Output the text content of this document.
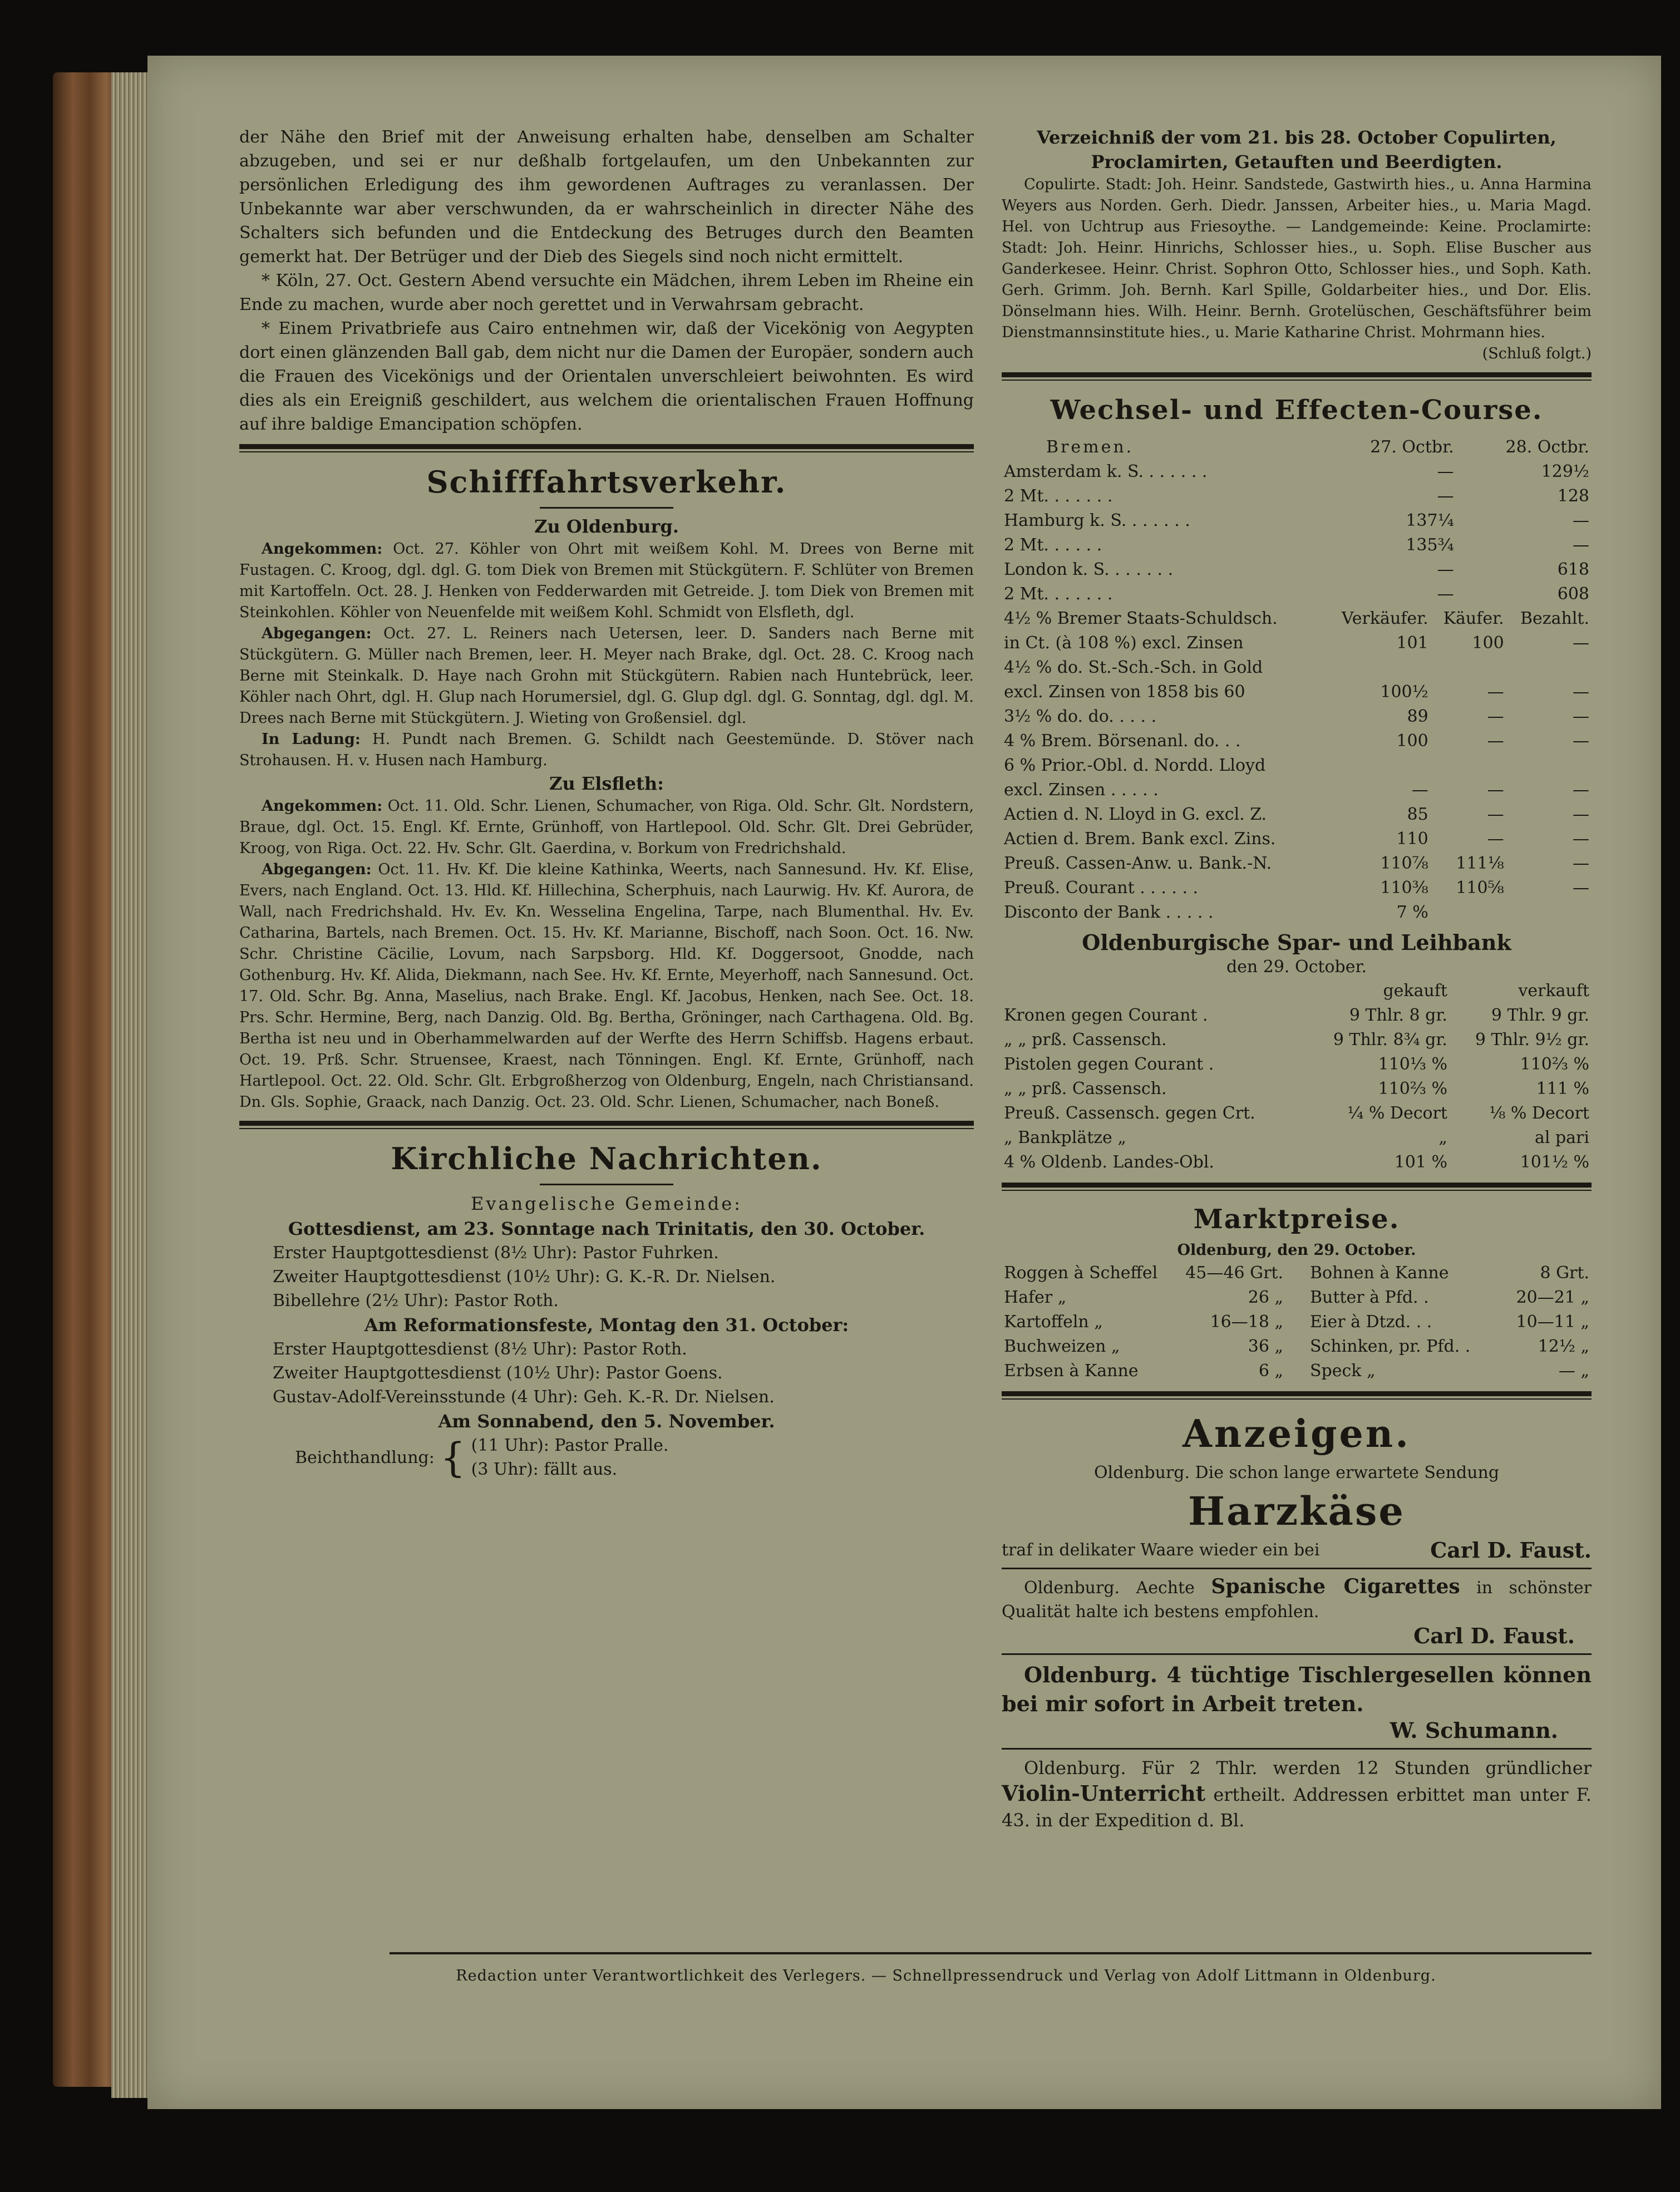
der Nähe den Brief mit der Anweisung erhalten habe, denselben am Schalter abzugeben, und sei er nur deßhalb fortgelaufen, um den Unbekannten zur persönlichen Erledigung des ihm gewordenen Auftrages zu veranlassen. Der Unbekannte war aber verschwunden, da er wahrscheinlich in directer Nähe des Schalters sich befunden und die Entdeckung des Betruges durch den Beamten gemerkt hat. Der Betrüger und der Dieb des Siegels sind noch nicht ermittelt.

* Köln, 27. Oct. Gestern Abend versuchte ein Mädchen, ihrem Leben im Rheine ein Ende zu machen, wurde aber noch gerettet und in Verwahrsam gebracht.

* Einem Privatbriefe aus Cairo entnehmen wir, daß der Vicekönig von Aegypten dort einen glänzenden Ball gab, dem nicht nur die Damen der Europäer, sondern auch die Frauen des Vicekönigs und der Orientalen unverschleiert beiwohnten. Es wird dies als ein Ereigniß geschildert, aus welchem die orientalischen Frauen Hoffnung auf ihre baldige Emancipation schöpfen.

Schifffahrtsverkehr.
Zu Oldenburg.

Angekommen: Oct. 27. Köhler von Ohrt mit weißem Kohl. M. Drees von Berne mit Fustagen. C. Kroog, dgl. dgl. G. tom Diek von Bremen mit Stückgütern. F. Schlüter von Bremen mit Kartoffeln. Oct. 28. J. Henken von Fedderwarden mit Getreide. J. tom Diek von Bremen mit Steinkohlen. Köhler von Neuenfelde mit weißem Kohl. Schmidt von Elsfleth, dgl.

Abgegangen: Oct. 27. L. Reiners nach Uetersen, leer. D. Sanders nach Berne mit Stückgütern. G. Müller nach Bremen, leer. H. Meyer nach Brake, dgl. Oct. 28. C. Kroog nach Berne mit Steinkalk. D. Haye nach Grohn mit Stückgütern. Rabien nach Huntebrück, leer. Köhler nach Ohrt, dgl. H. Glup nach Horumersiel, dgl. G. Glup dgl. dgl. G. Sonntag, dgl. dgl. M. Drees nach Berne mit Stückgütern. J. Wieting von Großensiel. dgl.

In Ladung: H. Pundt nach Bremen. G. Schildt nach Geestemünde. D. Stöver nach Strohausen. H. v. Husen nach Hamburg.

Zu Elsfleth:

Angekommen: Oct. 11. Old. Schr. Lienen, Schumacher, von Riga. Old. Schr. Glt. Nordstern, Braue, dgl. Oct. 15. Engl. Kf. Ernte, Grünhoff, von Hartlepool. Old. Schr. Glt. Drei Gebrüder, Kroog, von Riga. Oct. 22. Hv. Schr. Glt. Gaerdina, v. Borkum von Fredrichshald.

Abgegangen: Oct. 11. Hv. Kf. Die kleine Kathinka, Weerts, nach Sannesund. Hv. Kf. Elise, Evers, nach England. Oct. 13. Hld. Kf. Hillechina, Scherphuis, nach Laurwig. Hv. Kf. Aurora, de Wall, nach Fredrichshald. Hv. Ev. Kn. Wesselina Engelina, Tarpe, nach Blumenthal. Hv. Ev. Catharina, Bartels, nach Bremen. Oct. 15. Hv. Kf. Marianne, Bischoff, nach Soon. Oct. 16. Nw. Schr. Christine Cäcilie, Lovum, nach Sarpsborg. Hld. Kf. Doggersoot, Gnodde, nach Gothenburg. Hv. Kf. Alida, Diekmann, nach See. Hv. Kf. Ernte, Meyerhoff, nach Sannesund. Oct. 17. Old. Schr. Bg. Anna, Maselius, nach Brake. Engl. Kf. Jacobus, Henken, nach See. Oct. 18. Prs. Schr. Hermine, Berg, nach Danzig. Old. Bg. Bertha, Gröninger, nach Carthagena. Old. Bg. Bertha ist neu und in Oberhammelwarden auf der Werfte des Herrn Schiffsb. Hagens erbaut. Oct. 19. Prß. Schr. Struensee, Kraest, nach Tönningen. Engl. Kf. Ernte, Grünhoff, nach Hartlepool. Oct. 22. Old. Schr. Glt. Erbgroßherzog von Oldenburg, Engeln, nach Christiansand. Dn. Gls. Sophie, Graack, nach Danzig. Oct. 23. Old. Schr. Lienen, Schumacher, nach Boneß.

Kirchliche Nachrichten.
Evangelische Gemeinde:
Gottesdienst, am 23. Sonntage nach Trinitatis, den 30. October.

Erster Hauptgottesdienst (8½ Uhr): Pastor Fuhrken.

Zweiter Hauptgottesdienst (10½ Uhr): G. K.-R. Dr. Nielsen.

Bibellehre (2½ Uhr): Pastor Roth.

Am Reformationsfeste, Montag den 31. October:

Erster Hauptgottesdienst (8½ Uhr): Pastor Roth.

Zweiter Hauptgottesdienst (10½ Uhr): Pastor Goens.

Gustav-Adolf-Vereinsstunde (4 Uhr): Geh. K.-R. Dr. Nielsen.

Am Sonnabend, den 5. November.
Beichthandlung: { (11 Uhr): Pastor Pralle.

(3 Uhr): fällt aus.

Verzeichniß der vom 21. bis 28. October Copulirten, Proclamirten, Getauften und Beerdigten.

Copulirte. Stadt: Joh. Heinr. Sandstede, Gastwirth hies., u. Anna Harmina Weyers aus Norden. Gerh. Diedr. Janssen, Arbeiter hies., u. Maria Magd. Hel. von Uchtrup aus Friesoythe. — Landgemeinde: Keine. Proclamirte: Stadt: Joh. Heinr. Hinrichs, Schlosser hies., u. Soph. Elise Buscher aus Ganderkesee. Heinr. Christ. Sophron Otto, Schlosser hies., und Soph. Kath. Gerh. Grimm. Joh. Bernh. Karl Spille, Goldarbeiter hies., und Dor. Elis. Dönselmann hies. Wilh. Heinr. Bernh. Grotelüschen, Geschäftsführer beim Dienstmannsinstitute hies., u. Marie Katharine Christ. Mohrmann hies.

(Schluß folgt.)

Wechsel- und Effecten-Course.
Bremen.	27. Octbr.	28. Octbr.
Amsterdam k. S. . . . . . .	—	129½
2 Mt. . . . . . .	—	128
Hamburg k. S. . . . . . .	137¼	—
2 Mt. . . . . .	135¾	—
London k. S. . . . . . .	—	618
2 Mt. . . . . . .	—	608
4½ % Bremer Staats-Schuldsch.	Verkäufer.	Käufer.	Bezahlt.
in Ct. (à 108 %) excl. Zinsen	101	100	—
4½ % do. St.-Sch.-Sch. in Gold			
excl. Zinsen von 1858 bis 60	100½	—	—
3½ % do. do. . . . .	89	—	—
4 % Brem. Börsenanl. do. . .	100	—	—
6 % Prior.-Obl. d. Nordd. Lloyd			
excl. Zinsen . . . . .	—	—	—
Actien d. N. Lloyd in G. excl. Z.	85	—	—
Actien d. Brem. Bank excl. Zins.	110	—	—
Preuß. Cassen-Anw. u. Bank.-N.	110⅞	111⅛	—
Preuß. Courant . . . . . .	110⅜	110⅝	—
Disconto der Bank . . . . .	7 %		
Oldenburgische Spar- und Leihbank

den 29. October.

	gekauft	verkauft
Kronen gegen Courant .	9 Thlr. 8 gr.	9 Thlr. 9 gr.
„ „ prß. Cassensch.	9 Thlr. 8¾ gr.	9 Thlr. 9½ gr.
Pistolen gegen Courant .	110⅓ %	110⅔ %
„ „ prß. Cassensch.	110⅔ %	111 %
Preuß. Cassensch. gegen Crt.	¼ % Decort	⅛ % Decort
„ Bankplätze „	„	al pari
4 % Oldenb. Landes-Obl.	101 %	101½ %
Marktpreise.

Oldenburg, den 29. October.

Roggen à Scheffel	45—46 Grt.
Hafer „	26 „
Kartoffeln „	16—18 „
Buchweizen „	36 „
Erbsen à Kanne	6 „
Bohnen à Kanne	8 Grt.
Butter à Pfd. .	20—21 „
Eier à Dtzd. . .	10—11 „
Schinken, pr. Pfd. .	12½ „
Speck „	— „
Anzeigen.

Oldenburg. Die schon lange erwartete Sendung

Harzkäse

traf in delikater Waare wieder ein bei	Carl D. Faust.

Oldenburg. Aechte Spanische Cigarettes in schönster Qualität halte ich bestens empfohlen.

Carl D. Faust.

Oldenburg. 4 tüchtige Tischlergesellen können bei mir sofort in Arbeit treten.

W. Schumann.

Oldenburg. Für 2 Thlr. werden 12 Stunden gründlicher Violin-Unterricht ertheilt. Addressen erbittet man unter F. 43. in der Expedition d. Bl.

Redaction unter Verantwortlichkeit des Verlegers. — Schnellpressendruck und Verlag von Adolf Littmann in Oldenburg.
